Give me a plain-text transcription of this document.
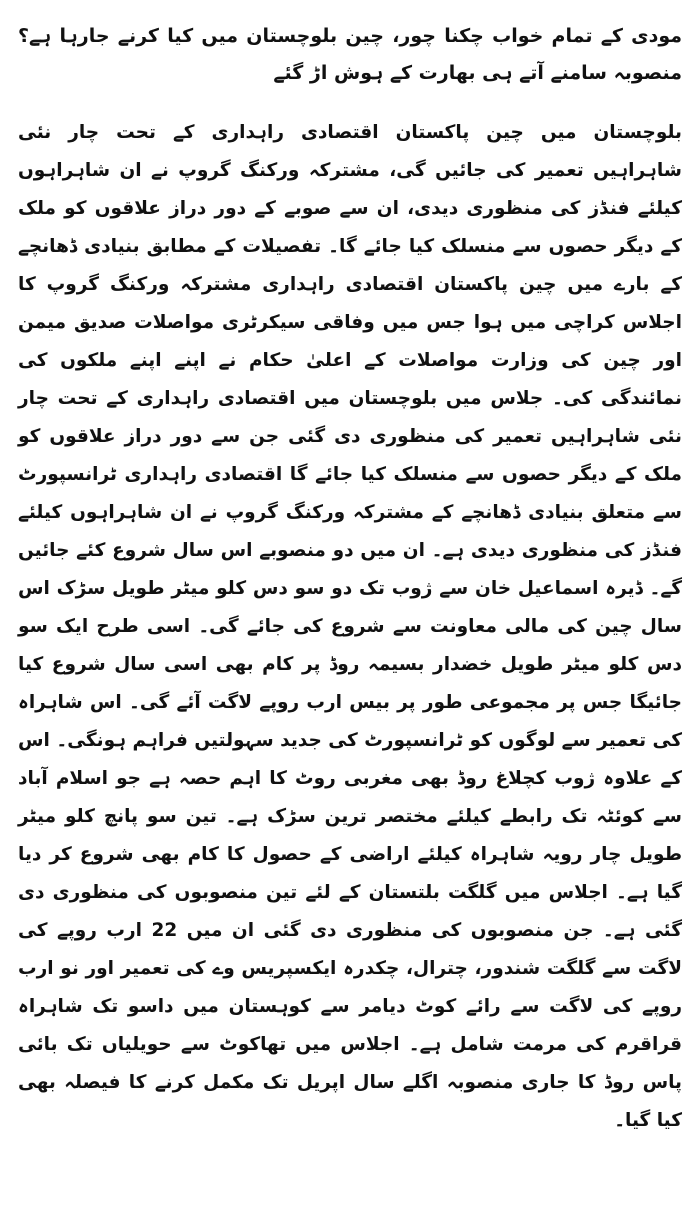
مودی کے تمام خواب چکنا چور، چین بلوچستان میں کیا کرنے جارہا ہے؟ منصوبہ سامنے آتے ہی بھارت کے ہوش اڑ گئے

بلوچستان میں چین پاکستان اقتصادی راہداری کے تحت چار نئی شاہراہیں تعمیر کی جائیں گی، مشترکہ ورکنگ گروپ نے ان شاہراہوں کیلئے فنڈز کی منظوری دیدی، ان سے صوبے کے دور دراز علاقوں کو ملک کے دیگر حصوں سے منسلک کیا جائے گا۔ تفصیلات کے مطابق بنیادی ڈھانچے کے بارے میں چین پاکستان اقتصادی راہداری مشترکہ ورکنگ گروپ کا اجلاس کراچی میں ہوا جس میں وفاقی سیکرٹری مواصلات صدیق میمن اور چین کی وزارت مواصلات کے اعلیٰ حکام نے اپنے اپنے ملکوں کی نمائندگی کی۔ جلاس میں بلوچستان میں اقتصادی راہداری کے تحت چار نئی شاہراہیں تعمیر کی منظوری دی گئی جن سے دور دراز علاقوں کو ملک کے دیگر حصوں سے منسلک کیا جائے گا اقتصادی راہداری ٹرانسپورٹ سے متعلق بنیادی ڈھانچے کے مشترکہ ورکنگ گروپ نے ان شاہراہوں کیلئے فنڈز کی منظوری دیدی ہے۔ ان میں دو منصوبے اس سال شروع کئے جائیں گے۔ ڈیرہ اسماعیل خان سے ژوب تک دو سو دس کلو میٹر طویل سڑک اس سال چین کی مالی معاونت سے شروع کی جائے گی۔ اسی طرح ایک سو دس کلو میٹر طویل خضدار بسیمہ روڈ پر کام بھی اسی سال شروع کیا جائیگا جس پر مجموعی طور پر بیس ارب روپے لاگت آئے گی۔ اس شاہراہ کی تعمیر سے لوگوں کو ٹرانسپورٹ کی جدید سہولتیں فراہم ہونگی۔ اس کے علاوہ ژوب کچلاغ روڈ بھی مغربی روٹ کا اہم حصہ ہے جو اسلام آباد سے کوئٹہ تک رابطے کیلئے مختصر ترین سڑک ہے۔ تین سو پانچ کلو میٹر طویل چار رویہ شاہراہ کیلئے اراضی کے حصول کا کام بھی شروع کر دیا گیا ہے۔ اجلاس میں گلگت بلتستان کے لئے تین منصوبوں کی منظوری دی گئی ہے۔ جن منصوبوں کی منظوری دی گئی ان میں 22 ارب روپے کی لاگت سے گلگت شندور، چترال، چکدرہ ایکسپریس وے کی تعمیر اور نو ارب روپے کی لاگت سے رائے کوٹ دیامر سے کوہستان میں داسو تک شاہراہ قراقرم کی مرمت شامل ہے۔ اجلاس میں تھاکوٹ سے حویلیاں تک بائی پاس روڈ کا جاری منصوبہ اگلے سال اپریل تک مکمل کرنے کا فیصلہ بھی کیا گیا۔
